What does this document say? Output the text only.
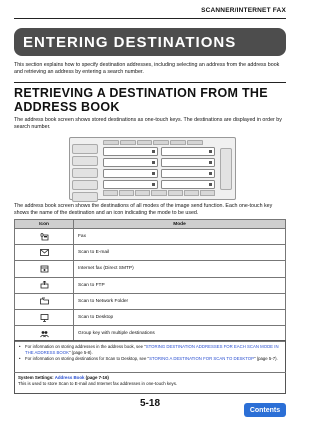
SCANNER/INTERNET FAX
ENTERING DESTINATIONS

This section explains how to specify destination addresses, including selecting an address from the address book and retrieving an address by entering a search number.

RETRIEVING A DESTINATION FROM THE ADDRESS BOOK

The address book screen shows stored destinations as one-touch keys. The destinations are displayed in order by search number.

The address book screen shows the destinations of all modes of the image send function. Each one-touch key shows the name of the destination and an icon indicating the mode to be used.

Icon	Mode
	Fax
	Scan to E-mail
	Internet fax (Direct SMTP)
	Scan to FTP
	Scan to Network Folder
	Scan to Desktop
	Group key with multiple destinations
• For information on storing addresses in the address book, see "STORING DESTINATION ADDRESSES FOR EACH SCAN MODE IN THE ADDRESS BOOK" (page 5-8).
• For information on storing destinations for Scan to Desktop, see "STORING A DESTINATION FOR SCAN TO DESKTOP" (page 5-7).

System Settings: Address Book (page 7-16)
This is used to store Scan to E-mail and Internet fax addresses in one-touch keys.

5-18
Contents
